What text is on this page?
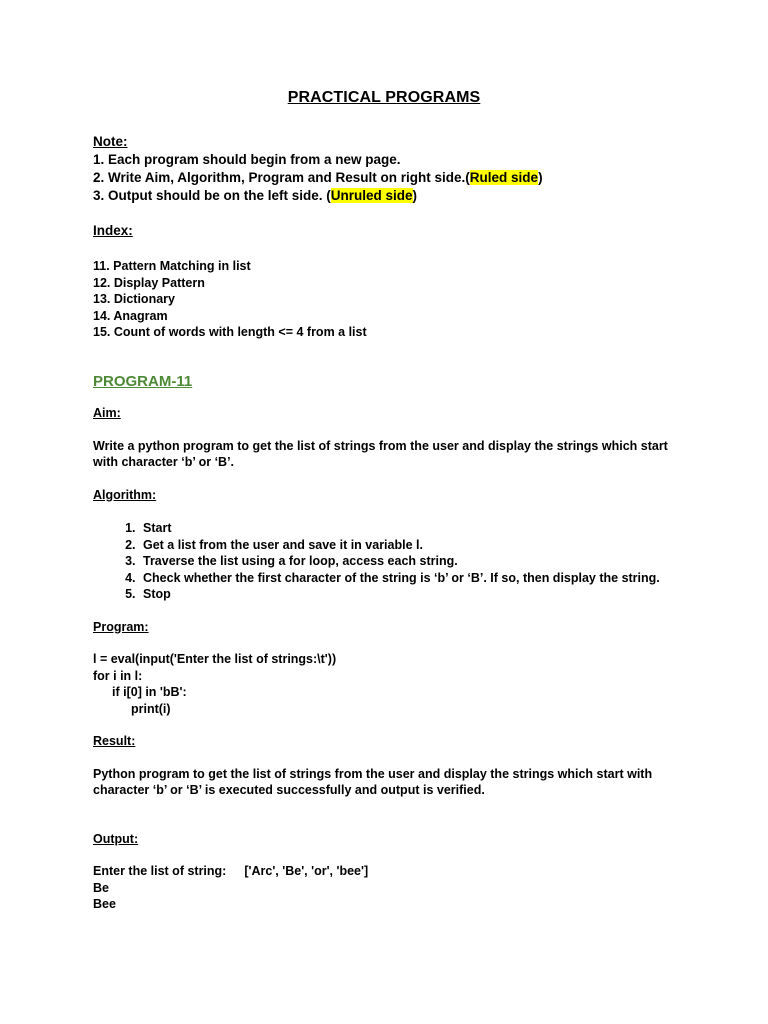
PRACTICAL PROGRAMS
Note:
1. Each program should begin from a new page.
2. Write Aim, Algorithm, Program and Result on right side.(Ruled side)
3. Output should be on the left side. (Unruled side)
Index:
11. Pattern Matching in list
12. Display Pattern
13. Dictionary
14. Anagram
15. Count of words with length <= 4 from a list
PROGRAM-11
Aim:
Write a python program to get the list of strings from the user and display the strings which start with character ‘b’ or ‘B’.
Algorithm:
1. Start
2. Get a list from the user and save it in variable l.
3. Traverse the list using a for loop, access each string.
4. Check whether the first character of the string is ‘b’ or ‘B’. If so, then display the string.
5. Stop
Program:
l = eval(input('Enter the list of strings:\t'))
for i in l:
if i[0] in 'bB':
print(i)
Result:
Python program to get the list of strings from the user and display the strings which start with character ‘b’ or ‘B’ is executed successfully and output is verified.
Output:
Enter the list of string: ['Arc', 'Be', 'or', 'bee']
Be
Bee
